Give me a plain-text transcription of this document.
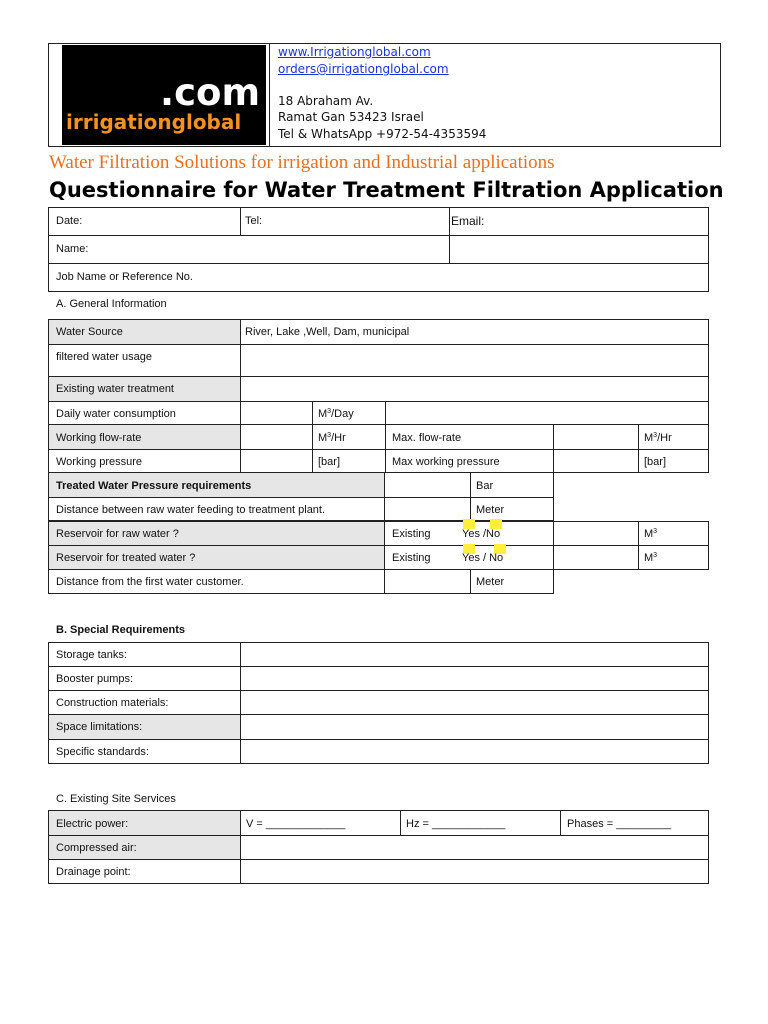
.com
irrigationglobal
www.Irrigationglobal.com
orders@irrigationglobal.com
18 Abraham Av.
Ramat Gan 53423 Israel
Tel & WhatsApp +972-54-4353594
Water Filtration Solutions for irrigation and Industrial applications
Questionnaire for Water Treatment Filtration Application
Date:	Tel:	Email:
Name:
Job Name or Reference No.
A. General Information
Water Source	River, Lake ,Well, Dam, municipal
filtered water usage
Existing water treatment
Daily water consumption	$M^3$/Day
Working flow-rate	$M^3/Hr$	Max. flow-rate	$M^3/Hr$
Working pressure	[bar]	Max working pressure	[bar]
Treated Water Pressure requirements	Bar
Distance between raw water feeding to treatment plant.	Meter
Reservoir for raw water ?	Existing	Yes /No	$M^3$
Reservoir for treated water ?	Existing	Yes / No	$M^3$
Distance from the first water customer.	Meter
B. Special Requirements
Storage tanks:
Booster pumps:
Construction materials:
Space limitations:
Specific standards:
C. Existing Site Services
Electric power:	V = _____________	Hz = ____________	Phases = _________
Compressed air:
Drainage point:
